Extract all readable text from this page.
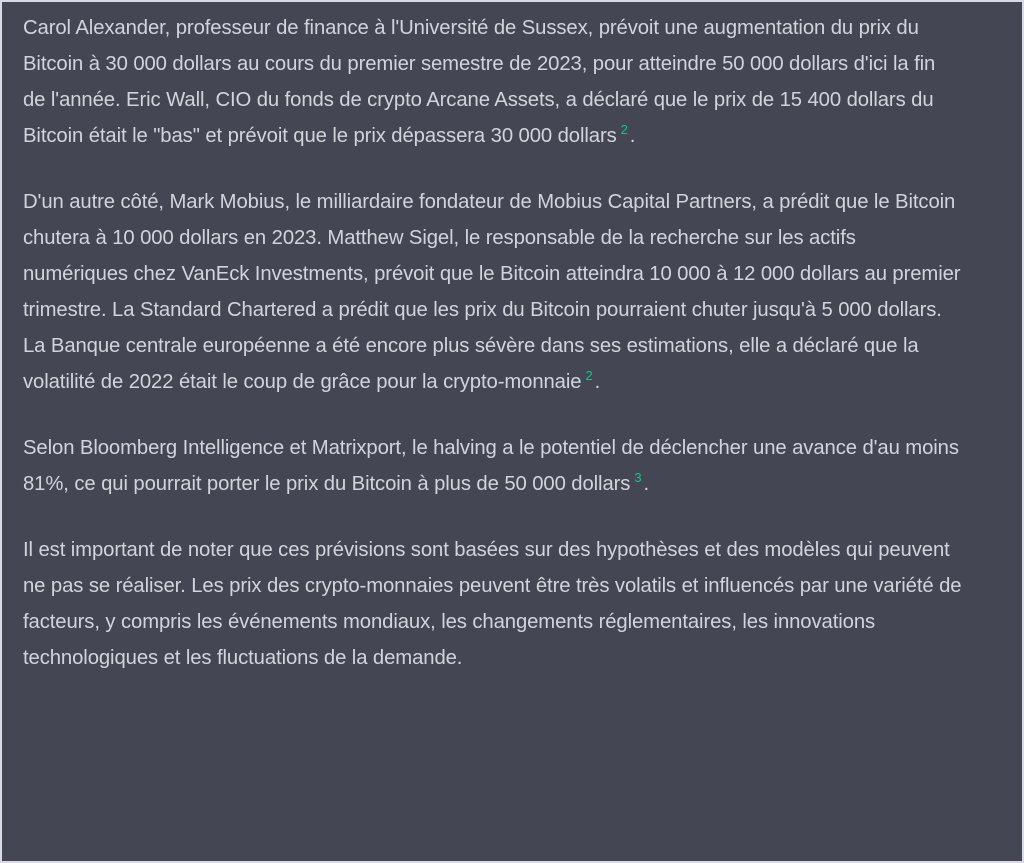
Carol Alexander, professeur de finance à l'Université de Sussex, prévoit une augmentation du prix du Bitcoin à 30 000 dollars au cours du premier semestre de 2023, pour atteindre 50 000 dollars d'ici la fin de l'année. Eric Wall, CIO du fonds de crypto Arcane Assets, a déclaré que le prix de 15 400 dollars du Bitcoin était le "bas" et prévoit que le prix dépassera 30 000 dollars 2.

D'un autre côté, Mark Mobius, le milliardaire fondateur de Mobius Capital Partners, a prédit que le Bitcoin chutera à 10 000 dollars en 2023. Matthew Sigel, le responsable de la recherche sur les actifs numériques chez VanEck Investments, prévoit que le Bitcoin atteindra 10 000 à 12 000 dollars au premier trimestre. La Standard Chartered a prédit que les prix du Bitcoin pourraient chuter jusqu'à 5 000 dollars. La Banque centrale européenne a été encore plus sévère dans ses estimations, elle a déclaré que la volatilité de 2022 était le coup de grâce pour la crypto-monnaie 2.

Selon Bloomberg Intelligence et Matrixport, le halving a le potentiel de déclencher une avance d'au moins 81%, ce qui pourrait porter le prix du Bitcoin à plus de 50 000 dollars 3.

Il est important de noter que ces prévisions sont basées sur des hypothèses et des modèles qui peuvent ne pas se réaliser. Les prix des crypto-monnaies peuvent être très volatils et influencés par une variété de facteurs, y compris les événements mondiaux, les changements réglementaires, les innovations technologiques et les fluctuations de la demande.
